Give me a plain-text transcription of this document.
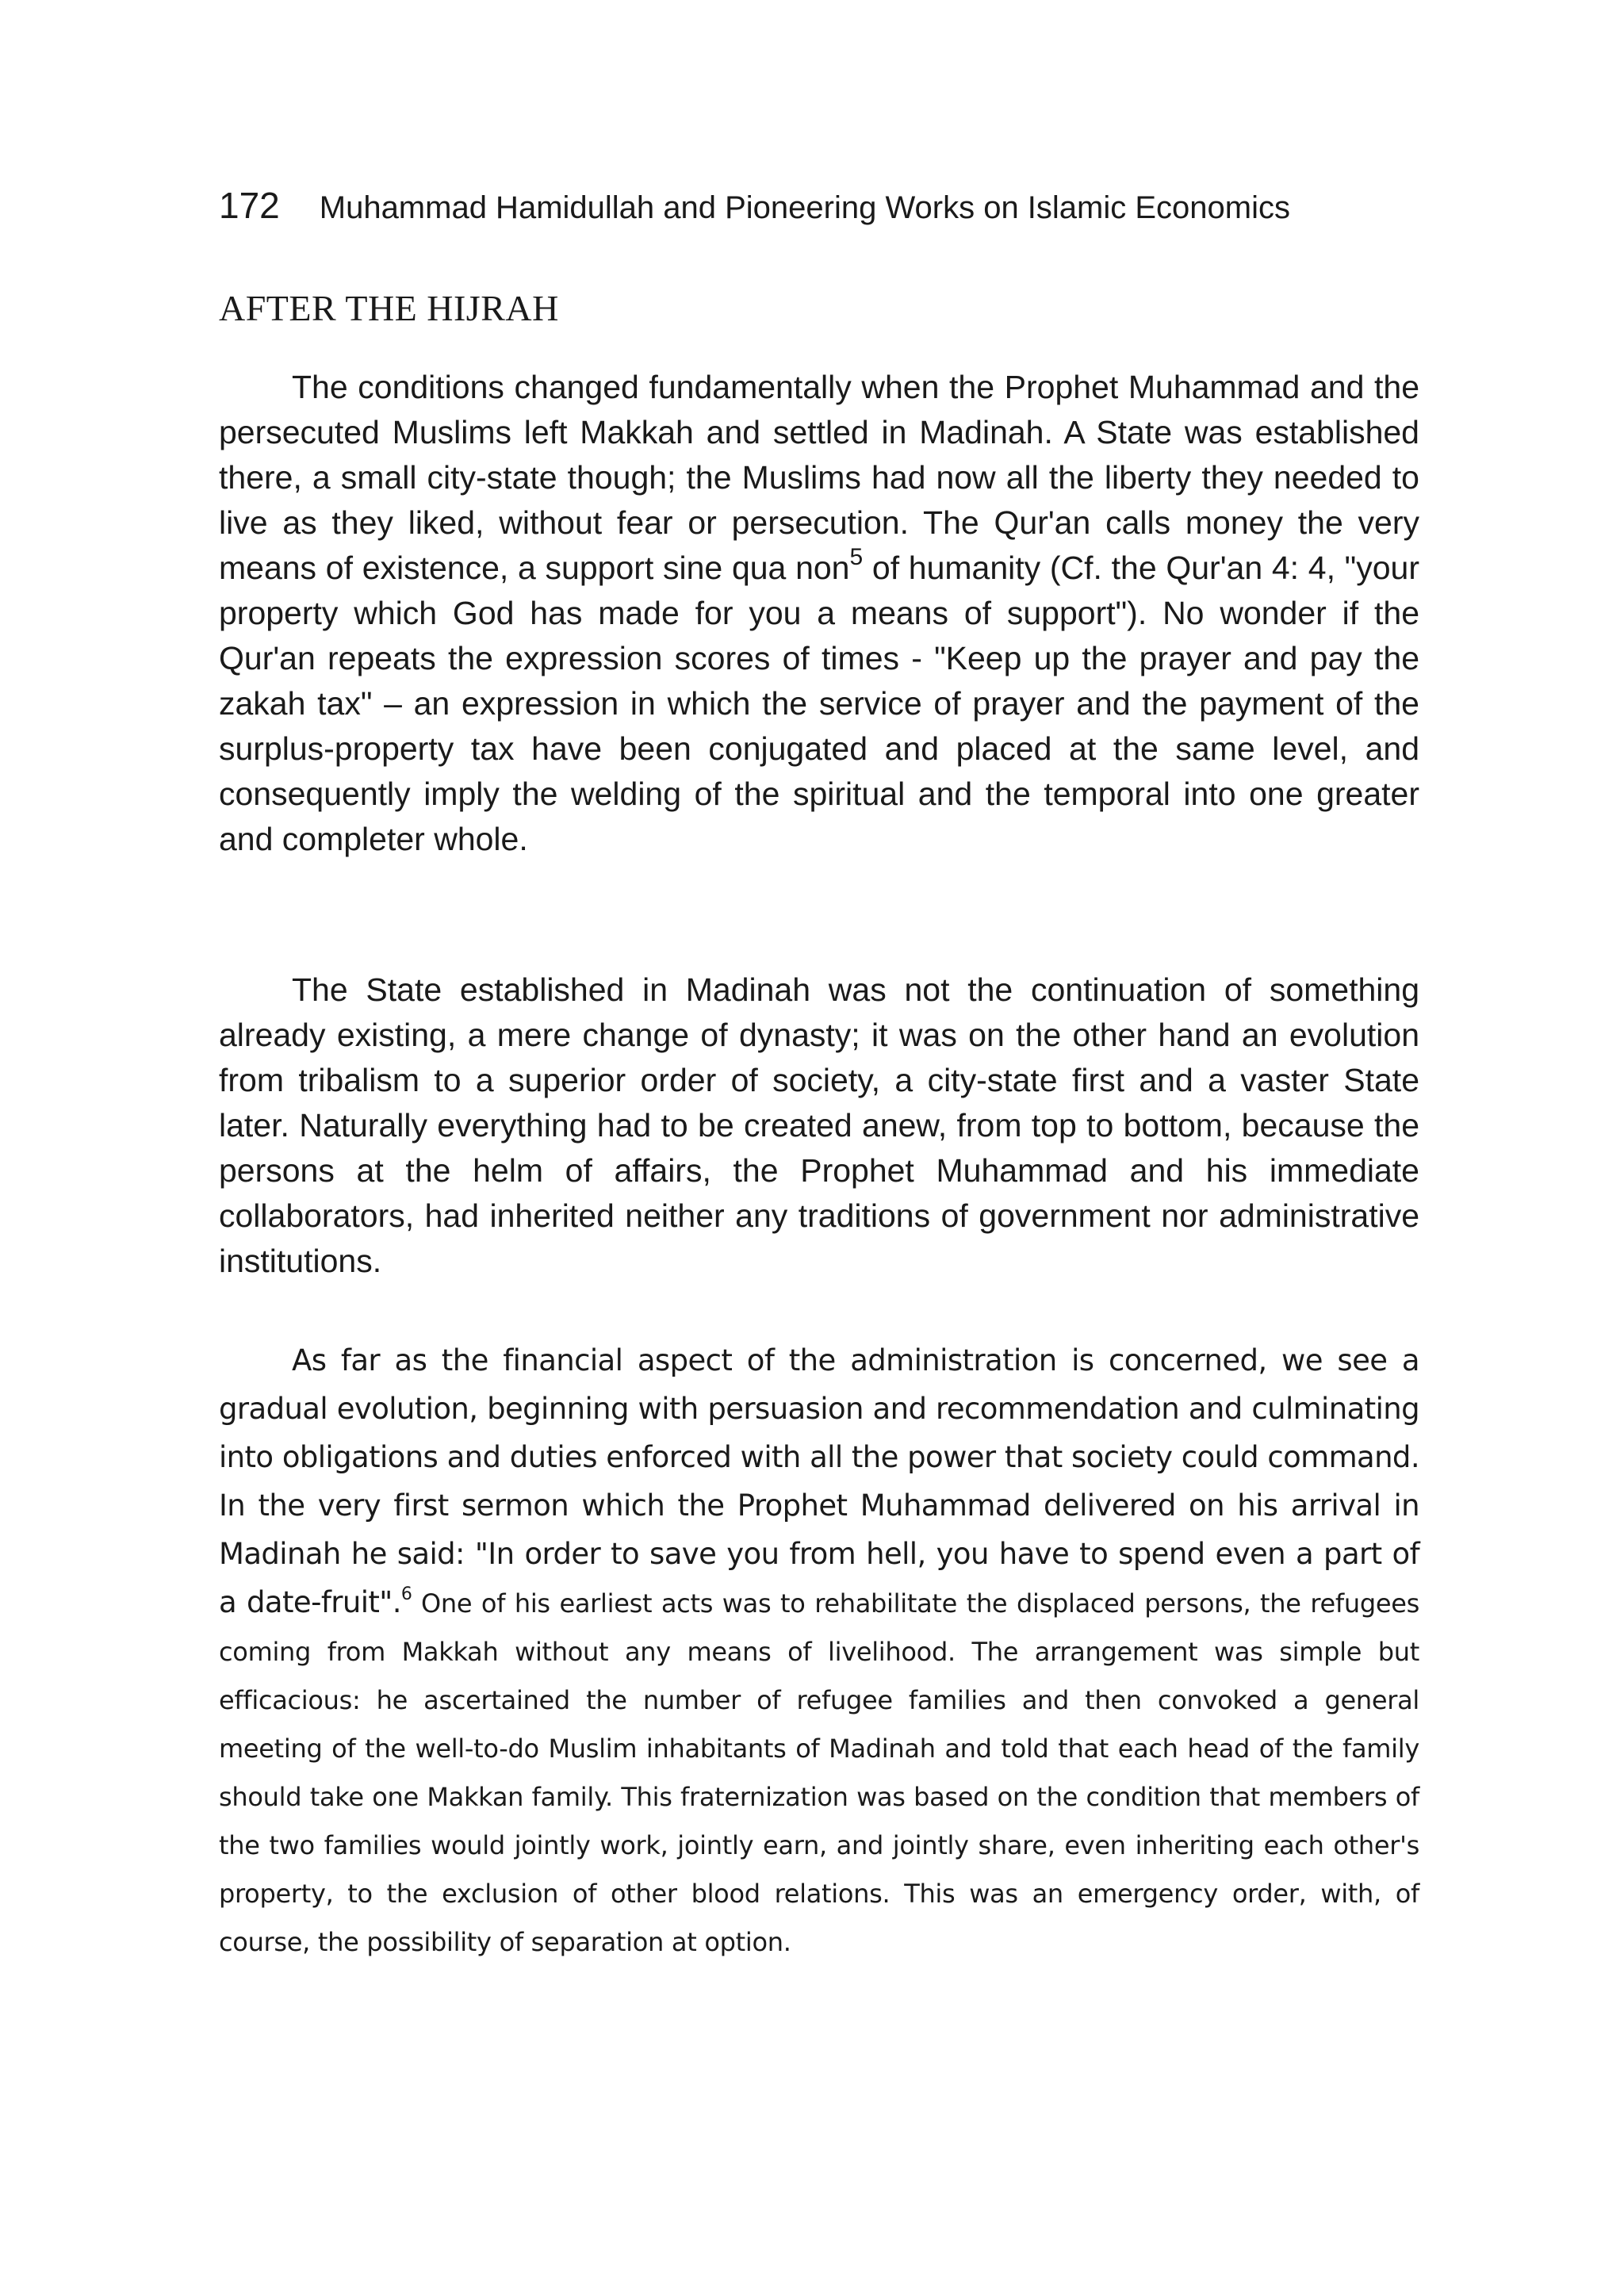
172 Muhammad Hamidullah and Pioneering Works on Islamic Economics
AFTER THE HIJRAH

The conditions changed fundamentally when the Prophet Muhammad and the persecuted Muslims left Makkah and settled in Madinah. A State was established there, a small city-state though; the Muslims had now all the liberty they needed to live as they liked, without fear or persecution. The Qur'an calls money the very means of existence, a support sine qua non$^5$ of humanity (Cf. the Qur'an 4: 4, "your property which God has made for you a means of support"). No wonder if the Qur'an repeats the expression scores of times - "Keep up the prayer and pay the zakah tax" – an expression in which the service of prayer and the payment of the surplus-property tax have been conjugated and placed at the same level, and consequently imply the welding of the spiritual and the temporal into one greater and completer whole.

The State established in Madinah was not the continuation of something already existing, a mere change of dynasty; it was on the other hand an evolution from tribalism to a superior order of society, a city-state first and a vaster State later. Naturally everything had to be created anew, from top to bottom, because the persons at the helm of affairs, the Prophet Muhammad and his immediate collaborators, had inherited neither any traditions of government nor administrative institutions.

As far as the financial aspect of the administration is concerned, we see a gradual evolution, beginning with persuasion and recommendation and culminating into obligations and duties enforced with all the power that society could command. In the very first sermon which the Prophet Muhammad delivered on his arrival in Madinah he said: "In order to save you from hell, you have to spend even a part of a date-fruit".$^6$ One of his earliest acts was to rehabilitate the displaced persons, the refugees coming from Makkah without any means of livelihood. The arrangement was simple but efficacious: he ascertained the number of refugee families and then convoked a general meeting of the well-to-do Muslim inhabitants of Madinah and told that each head of the family should take one Makkan family. This fraternization was based on the condition that members of the two families would jointly work, jointly earn, and jointly share, even inheriting each other's property, to the exclusion of other blood relations. This was an emergency order, with, of course, the possibility of separation at option.
